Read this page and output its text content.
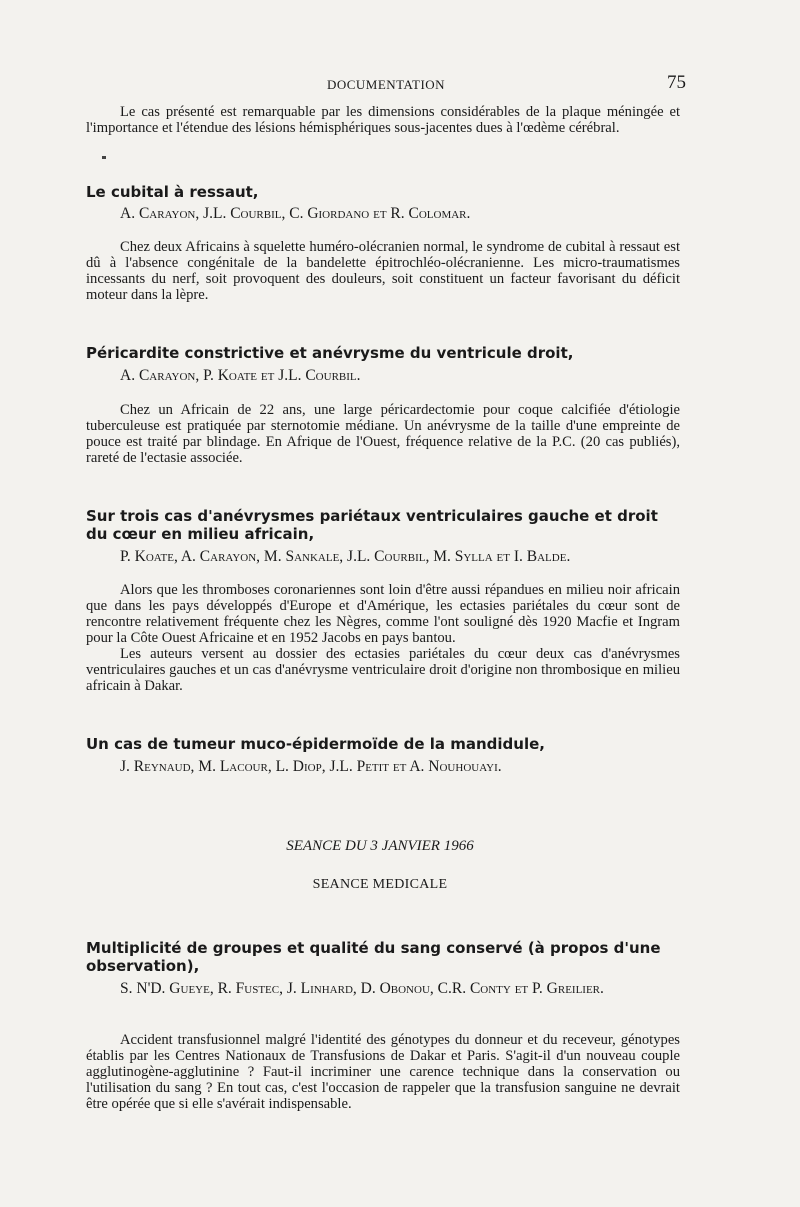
DOCUMENTATION	75

Le cas présenté est remarquable par les dimensions considérables de la plaque méningée et l'importance et l'étendue des lésions hémisphériques sous-jacentes dues à l'œdème cérébral.

Le cubital à ressaut,

A. Carayon, J.L. Courbil, C. Giordano et R. Colomar.

Chez deux Africains à squelette huméro-olécranien normal, le syndrome de cubital à ressaut est dû à l'absence congénitale de la bandelette épitrochléo-olécranienne. Les micro-traumatismes incessants du nerf, soit provoquent des douleurs, soit constituent un facteur favorisant du déficit moteur dans la lèpre.

Péricardite constrictive et anévrysme du ventricule droit,

A. Carayon, P. Koate et J.L. Courbil.

Chez un Africain de 22 ans, une large péricardectomie pour coque calcifiée d'étiologie tuberculeuse est pratiquée par sternotomie médiane. Un anévrysme de la taille d'une empreinte de pouce est traité par blindage. En Afrique de l'Ouest, fréquence relative de la P.C. (20 cas publiés), rareté de l'ectasie associée.

Sur trois cas d'anévrysmes pariétaux ventriculaires gauche et droit du cœur en milieu africain,

P. Koate, A. Carayon, M. Sankale, J.L. Courbil, M. Sylla et I. Balde.

Alors que les thromboses coronariennes sont loin d'être aussi répandues en milieu noir africain que dans les pays développés d'Europe et d'Amérique, les ectasies pariétales du cœur sont de rencontre relativement fréquente chez les Nègres, comme l'ont souligné dès 1920 Macfie et Ingram pour la Côte Ouest Africaine et en 1952 Jacobs en pays bantou.

Les auteurs versent au dossier des ectasies pariétales du cœur deux cas d'anévrysmes ventriculaires gauches et un cas d'anévrysme ventriculaire droit d'origine non thrombosique en milieu africain à Dakar.

Un cas de tumeur muco-épidermoïde de la mandidule,

J. Reynaud, M. Lacour, L. Diop, J.L. Petit et A. Nouhouayi.

SEANCE DU 3 JANVIER 1966
SEANCE MEDICALE
Multiplicité de groupes et qualité du sang conservé (à propos d'une observation),

S. N'D. Gueye, R. Fustec, J. Linhard, D. Obonou, C.R. Conty et P. Greilier.

Accident transfusionnel malgré l'identité des génotypes du donneur et du receveur, génotypes établis par les Centres Nationaux de Transfusions de Dakar et Paris. S'agit-il d'un nouveau couple agglutinogène-agglutinine ? Faut-il incriminer une carence technique dans la conservation ou l'utilisation du sang ? En tout cas, c'est l'occasion de rappeler que la transfusion sanguine ne devrait être opérée que si elle s'avérait indispensable.
